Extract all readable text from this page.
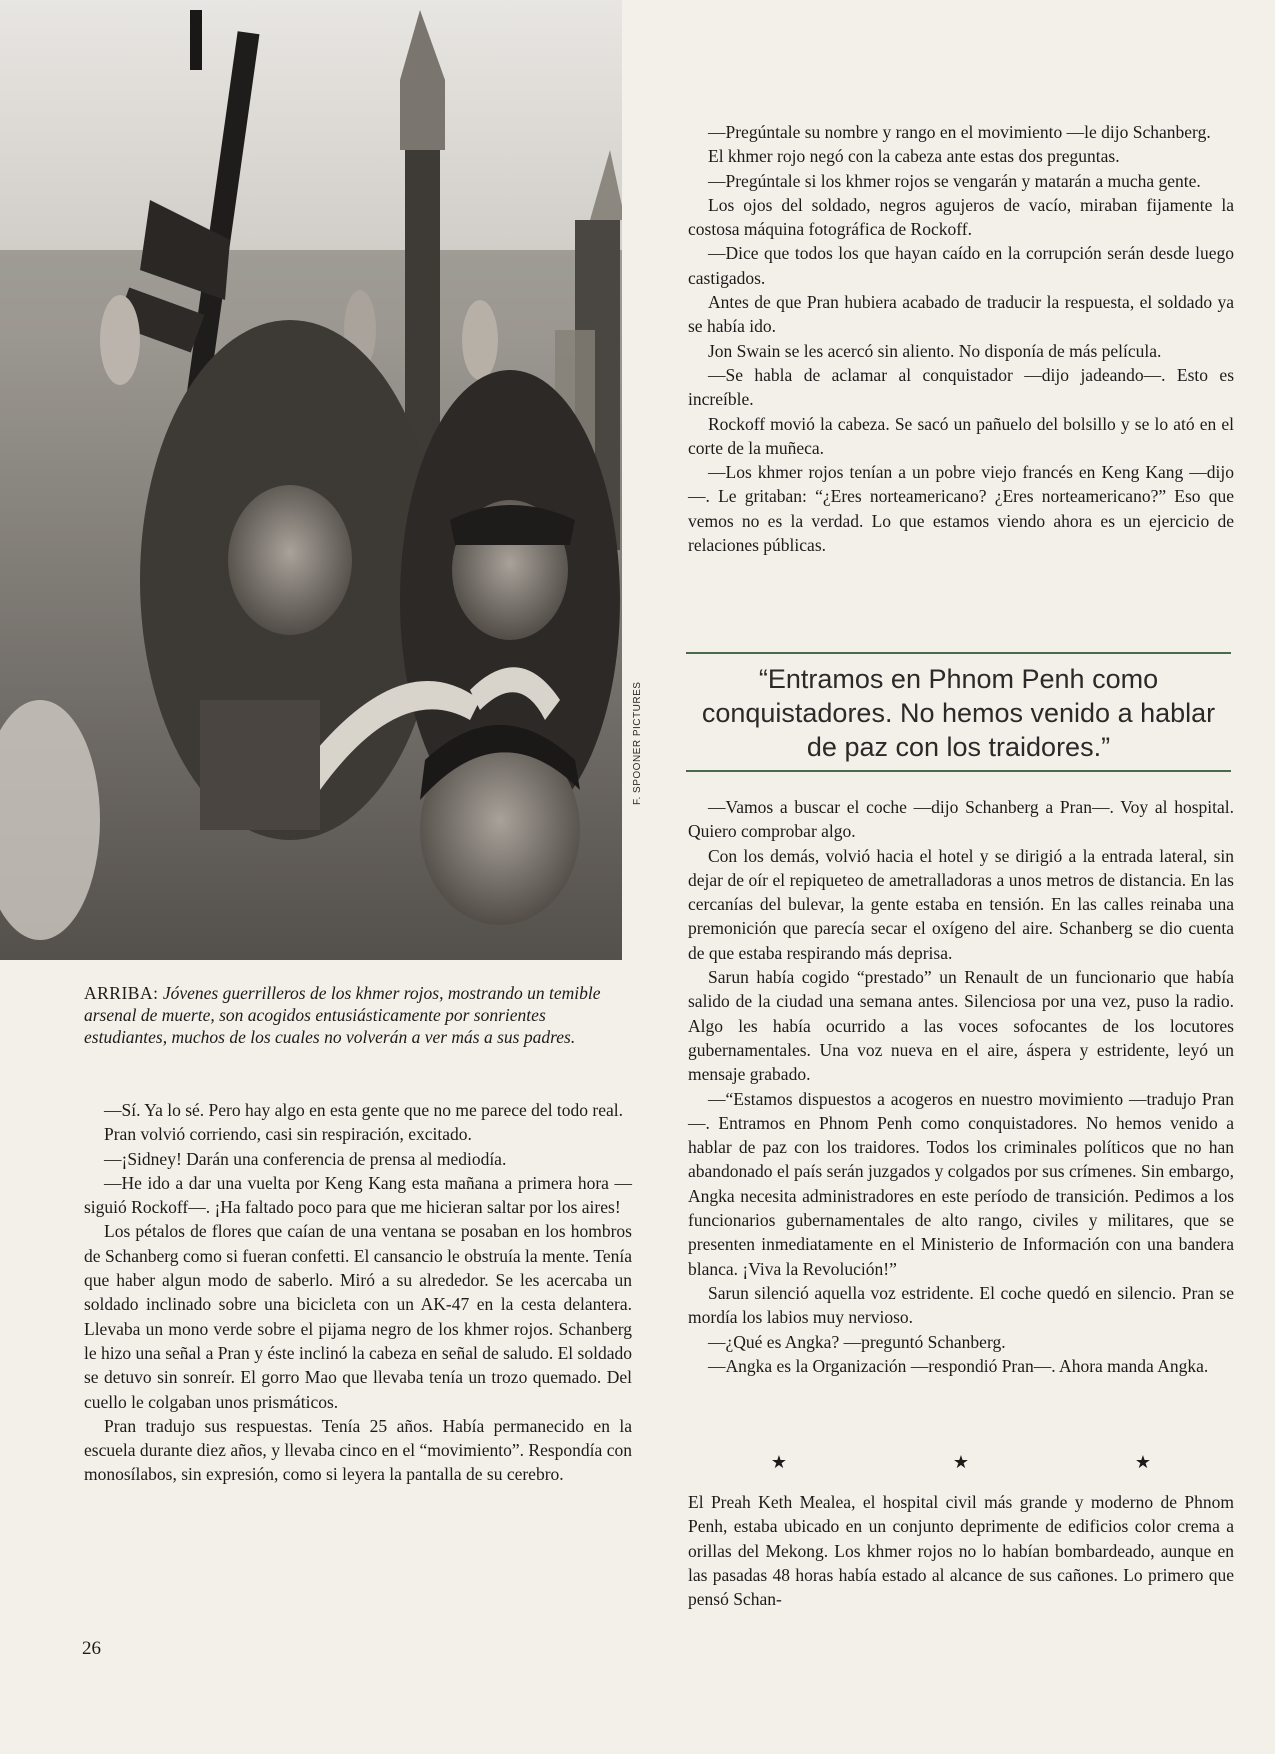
F. SPOONER PICTURES
ARRIBA: Jóvenes guerrilleros de los khmer rojos, mostrando un temible arsenal de muerte, son acogidos entusiásticamente por sonrientes estudiantes, muchos de los cuales no volverán a ver más a sus padres.

—Sí. Ya lo sé. Pero hay algo en esta gente que no me parece del todo real.

Pran volvió corriendo, casi sin respiración, excitado.

—¡Sidney! Darán una conferencia de prensa al mediodía.

—He ido a dar una vuelta por Keng Kang esta mañana a primera hora —siguió Rockoff—. ¡Ha faltado poco para que me hicieran saltar por los aires!

Los pétalos de flores que caían de una ventana se posaban en los hombros de Schanberg como si fueran confetti. El cansancio le obstruía la mente. Tenía que haber algun modo de saberlo. Miró a su alrededor. Se les acercaba un soldado inclinado sobre una bicicleta con un AK-47 en la cesta delantera. Llevaba un mono verde sobre el pijama negro de los khmer rojos. Schanberg le hizo una señal a Pran y éste inclinó la cabeza en señal de saludo. El soldado se detuvo sin sonreír. El gorro Mao que llevaba tenía un trozo quemado. Del cuello le colgaban unos prismáticos.

Pran tradujo sus respuestas. Tenía 25 años. Había permanecido en la escuela durante diez años, y llevaba cinco en el “movimiento”. Respondía con monosílabos, sin expresión, como si leyera la pantalla de su cerebro.

—Pregúntale su nombre y rango en el movimiento —le dijo Schanberg.

El khmer rojo negó con la cabeza ante estas dos preguntas.

—Pregúntale si los khmer rojos se vengarán y matarán a mucha gente.

Los ojos del soldado, negros agujeros de vacío, miraban fijamente la costosa máquina fotográfica de Rockoff.

—Dice que todos los que hayan caído en la corrupción serán desde luego castigados.

Antes de que Pran hubiera acabado de traducir la respuesta, el soldado ya se había ido.

Jon Swain se les acercó sin aliento. No disponía de más película.

—Se habla de aclamar al conquistador —dijo jadeando—. Esto es increíble.

Rockoff movió la cabeza. Se sacó un pañuelo del bolsillo y se lo ató en el corte de la muñeca.

—Los khmer rojos tenían a un pobre viejo francés en Keng Kang —dijo—. Le gritaban: “¿Eres norteamericano? ¿Eres norteamericano?” Eso que vemos no es la verdad. Lo que estamos viendo ahora es un ejercicio de relaciones públicas.

“Entramos en Phnom Penh como conquistadores. No hemos venido a hablar de paz con los traidores.”

—Vamos a buscar el coche —dijo Schanberg a Pran—. Voy al hospital. Quiero comprobar algo.

Con los demás, volvió hacia el hotel y se dirigió a la entrada lateral, sin dejar de oír el repiqueteo de ametralladoras a unos metros de distancia. En las cercanías del bulevar, la gente estaba en tensión. En las calles reinaba una premonición que parecía secar el oxígeno del aire. Schanberg se dio cuenta de que estaba respirando más deprisa.

Sarun había cogido “prestado” un Renault de un funcionario que había salido de la ciudad una semana antes. Silenciosa por una vez, puso la radio. Algo les había ocurrido a las voces sofocantes de los locutores gubernamentales. Una voz nueva en el aire, áspera y estridente, leyó un mensaje grabado.

—“Estamos dispuestos a acogeros en nuestro movimiento —tradujo Pran—. Entramos en Phnom Penh como conquistadores. No hemos venido a hablar de paz con los traidores. Todos los criminales políticos que no han abandonado el país serán juzgados y colgados por sus crímenes. Sin embargo, Angka necesita administradores en este período de transición. Pedimos a los funcionarios gubernamentales de alto rango, civiles y militares, que se presenten inmediatamente en el Ministerio de Información con una bandera blanca. ¡Viva la Revolución!”

Sarun silenció aquella voz estridente. El coche quedó en silencio. Pran se mordía los labios muy nervioso.

—¿Qué es Angka? —preguntó Schanberg.

—Angka es la Organización —respondió Pran—. Ahora manda Angka.

★	★	★

El Preah Keth Mealea, el hospital civil más grande y moderno de Phnom Penh, estaba ubicado en un conjunto deprimente de edificios color crema a orillas del Mekong. Los khmer rojos no lo habían bombardeado, aunque en las pasadas 48 horas había estado al alcance de sus cañones. Lo primero que pensó Schan-

26
